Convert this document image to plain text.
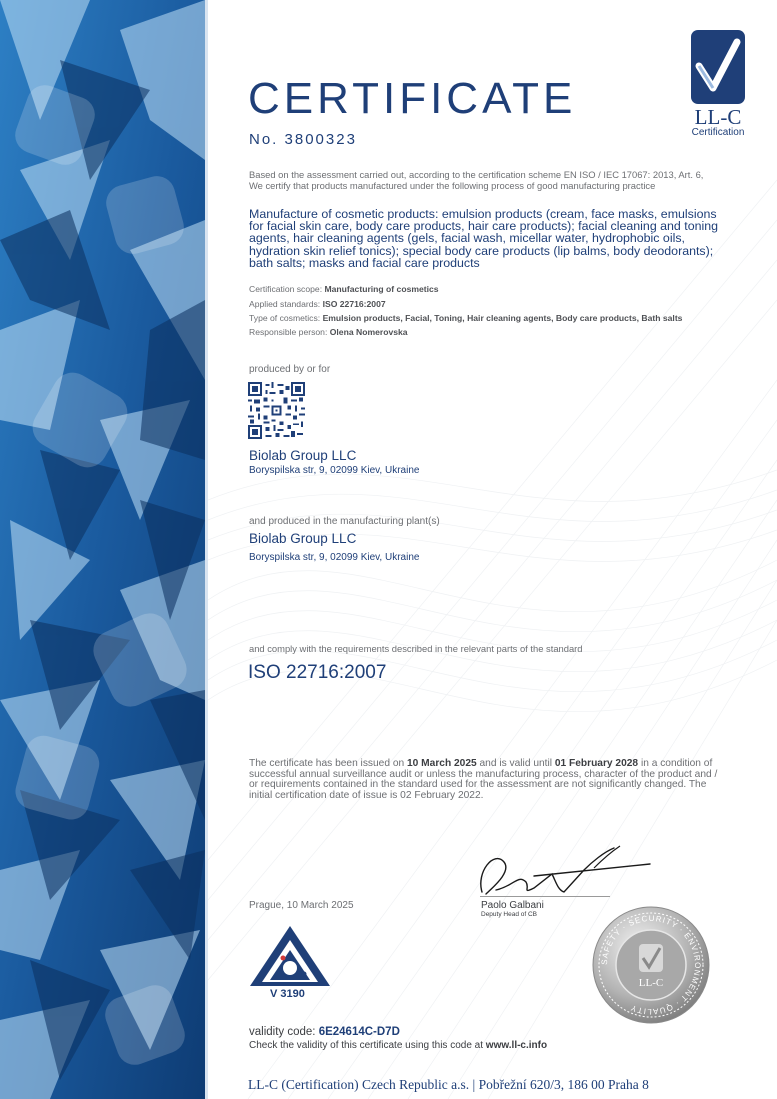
LL-C
Certification
CERTIFICATE
No. 3800323
Based on the assessment carried out, according to the certification scheme EN ISO / IEC 17067: 2013, Art. 6, We certify that products manufactured under the following process of good manufacturing practice
Manufacture of cosmetic products: emulsion products (cream, face masks, emulsions for facial skin care, body care products, hair care products); facial cleaning and toning agents, hair cleaning agents (gels, facial wash, micellar water, hydrophobic oils, hydration skin relief tonics); special body care products (lip balms, body deodorants); bath salts; masks and facial care products
Certification scope: Manufacturing of cosmetics
Applied standards: ISO 22716:2007
Type of cosmetics: Emulsion products, Facial, Toning, Hair cleaning agents, Body care products, Bath salts
Responsible person: Olena Nomerovska
produced by or for
Biolab Group LLC
Boryspilska str, 9, 02099 Kiev, Ukraine
and produced in the manufacturing plant(s)
Biolab Group LLC
Boryspilska str, 9, 02099 Kiev, Ukraine
and comply with the requirements described in the relevant parts of the standard
ISO 22716:2007
The certificate has been issued on 10 March 2025 and is valid until 01 February 2028 in a condition of successful annual surveillance audit or unless the manufacturing process, character of the product and / or requirements contained in the standard used for the assessment are not significantly changed. The initial certification date of issue is 02 February 2022.
Prague, 10 March 2025	Paolo Galbani
Deputy Head of CB
V 3190
SAFETY · SECURITY · ENVIRONMENT · QUALITY
LL-C
validity code: 6E24614C-D7D
Check the validity of this certificate using this code at www.ll-c.info
LL-C (Certification) Czech Republic a.s. | Pobřežní 620/3, 186 00 Praha 8
